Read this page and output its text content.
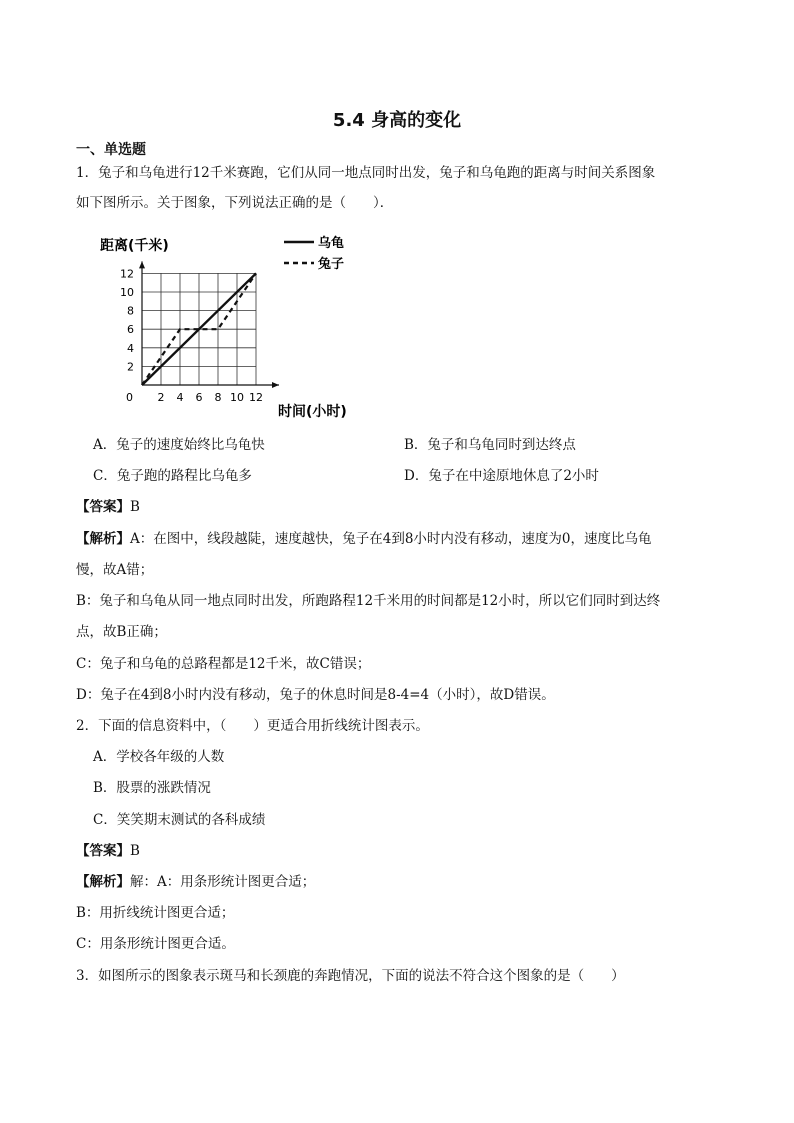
5.4 身高的变化
一、单选题
1．兔子和乌龟进行12千米赛跑，它们从同一地点同时出发，兔子和乌龟跑的距离与时间关系图象
如下图所示。关于图象，下列说法正确的是（　　）．
2 4 6 8 10 12
2
4
6
8
10
12
乌龟
兔子
距离(千米)
时间(小时)
0
A．兔子的速度始终比乌龟快	B．兔子和乌龟同时到达终点
C．兔子跑的路程比乌龟多	D．兔子在中途原地休息了2小时
【答案】B
【解析】A：在图中，线段越陡，速度越快，兔子在4到8小时内没有移动，速度为0，速度比乌龟
慢，故A错；
B：兔子和乌龟从同一地点同时出发，所跑路程12千米用的时间都是12小时，所以它们同时到达终
点，故B正确；
C：兔子和乌龟的总路程都是12千米，故C错误；
D：兔子在4到8小时内没有移动，兔子的休息时间是8-4=4（小时），故D错误。
2．下面的信息资料中，（　　）更适合用折线统计图表示。
A．学校各年级的人数
B．股票的涨跌情况
C．笑笑期末测试的各科成绩
【答案】B
【解析】解：A：用条形统计图更合适；
B：用折线统计图更合适；
C：用条形统计图更合适。
3．如图所示的图象表示斑马和长颈鹿的奔跑情况，下面的说法不符合这个图象的是（　　）
